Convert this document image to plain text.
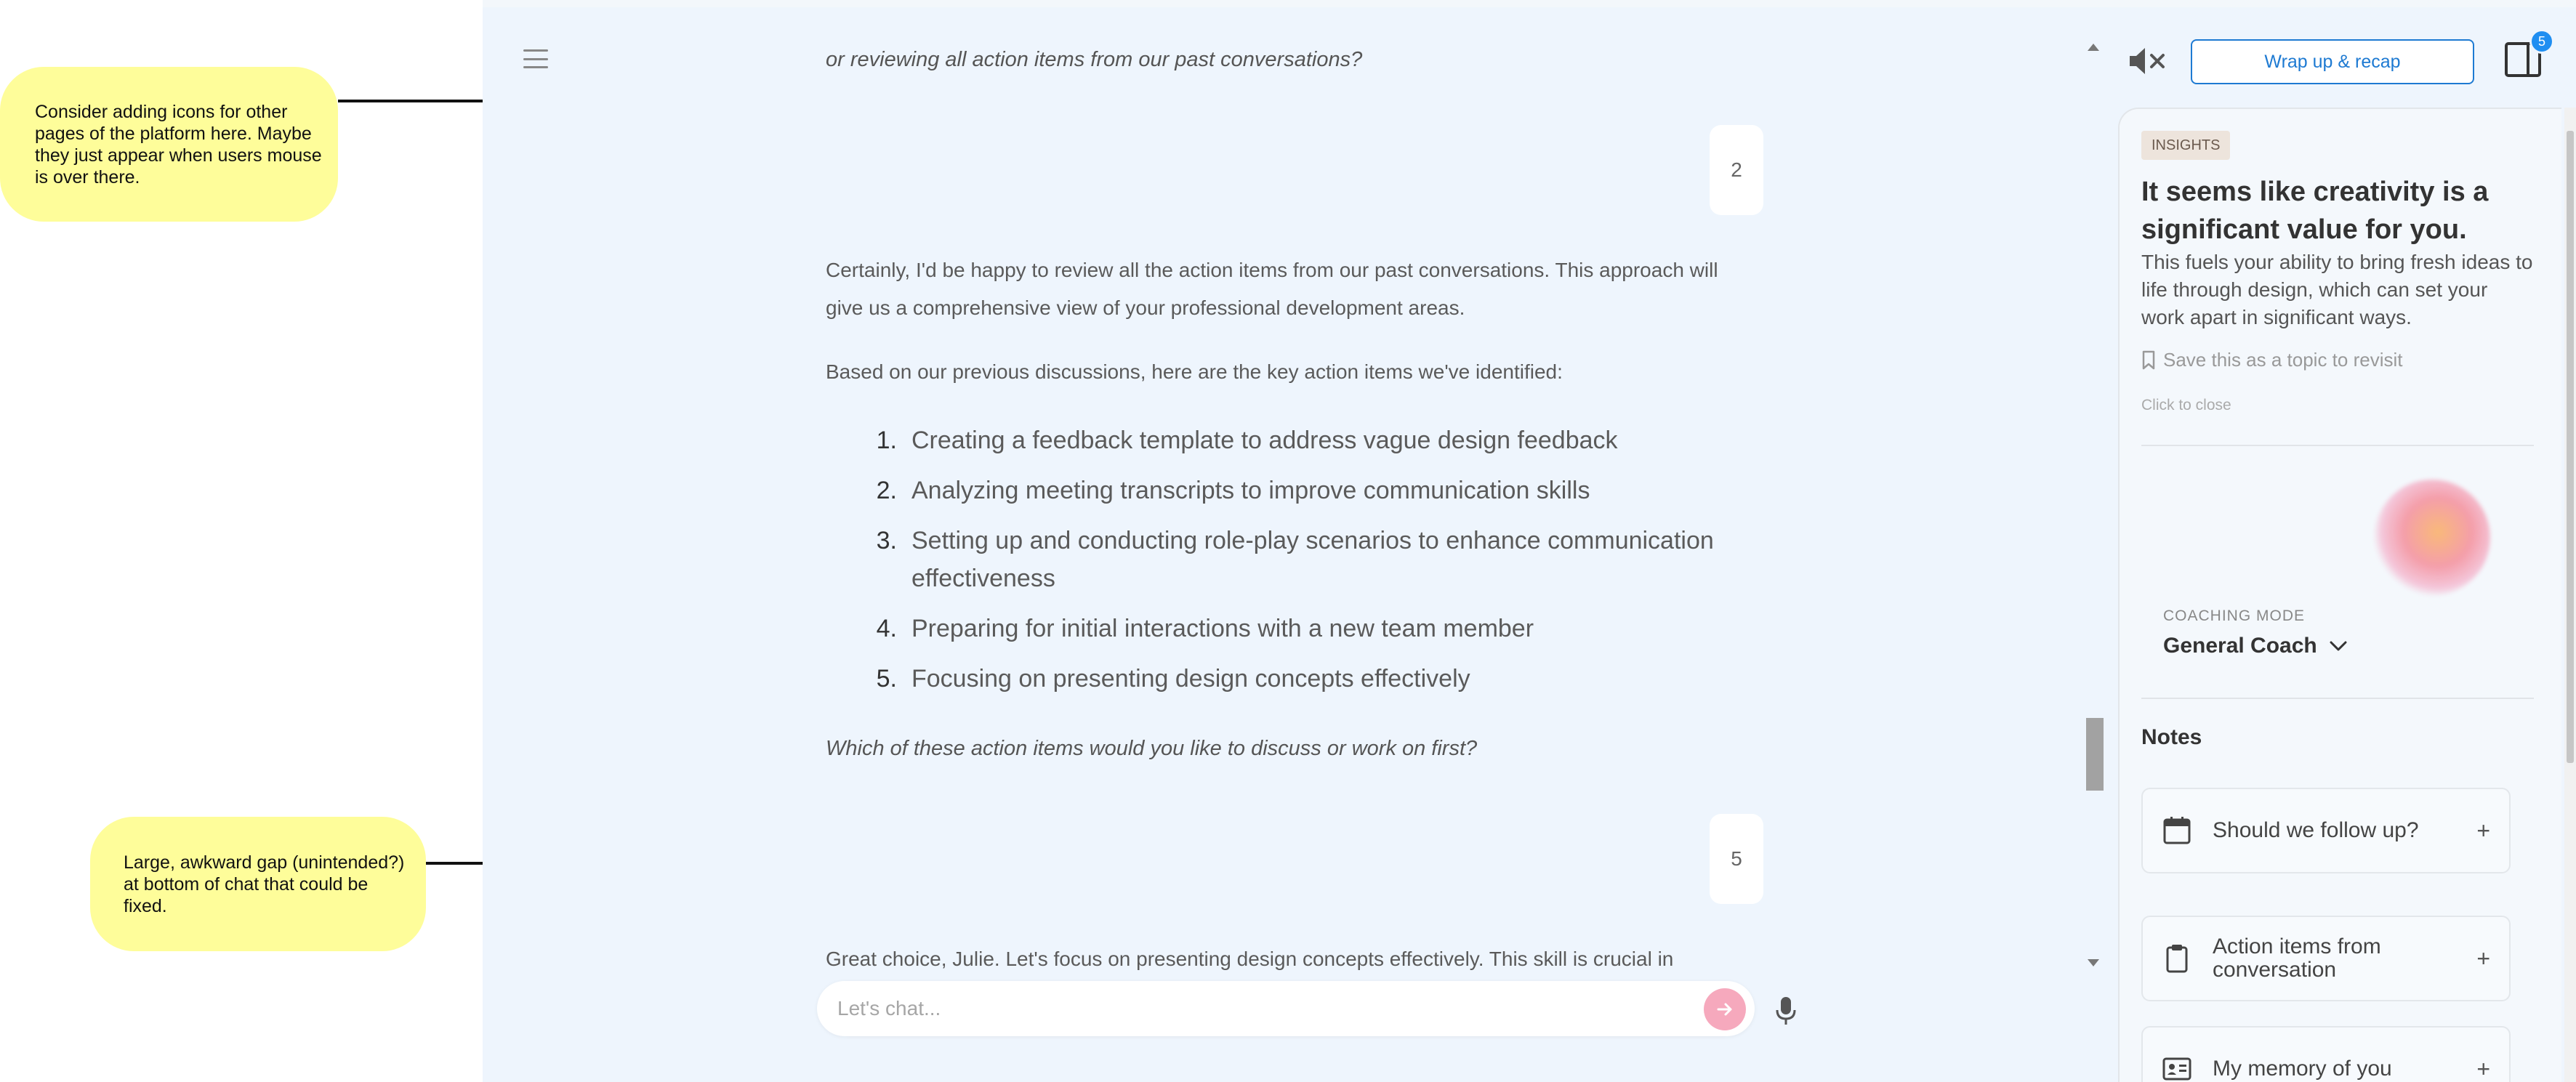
Consider adding icons for other pages of the platform here. Maybe they just appear when users mouse is over there.
Large, awkward gap (unintended?) at bottom of chat that could be fixed.
or reviewing all action items from our past conversations?
2
Certainly, I'd be happy to review all the action items from our past conversations. This approach will give us a comprehensive view of your professional development areas.
Based on our previous discussions, here are the key action items we've identified:
1. Creating a feedback template to address vague design feedback
2. Analyzing meeting transcripts to improve communication skills
3. Setting up and conducting role-play scenarios to enhance communication effectiveness
4. Preparing for initial interactions with a new team member
5. Focusing on presenting design concepts effectively
Which of these action items would you like to discuss or work on first?
5
Great choice, Julie. Let's focus on presenting design concepts effectively. This skill is crucial in
Let's chat...
Wrap up & recap
5
INSIGHTS
It seems like creativity is a significant value for you.
This fuels your ability to bring fresh ideas to life through design, which can set your work apart in significant ways.
Save this as a topic to revisit
Click to close
COACHING MODE
General Coach
Notes
Should we follow up?	+
Action items from conversation	+
My memory of you	+
